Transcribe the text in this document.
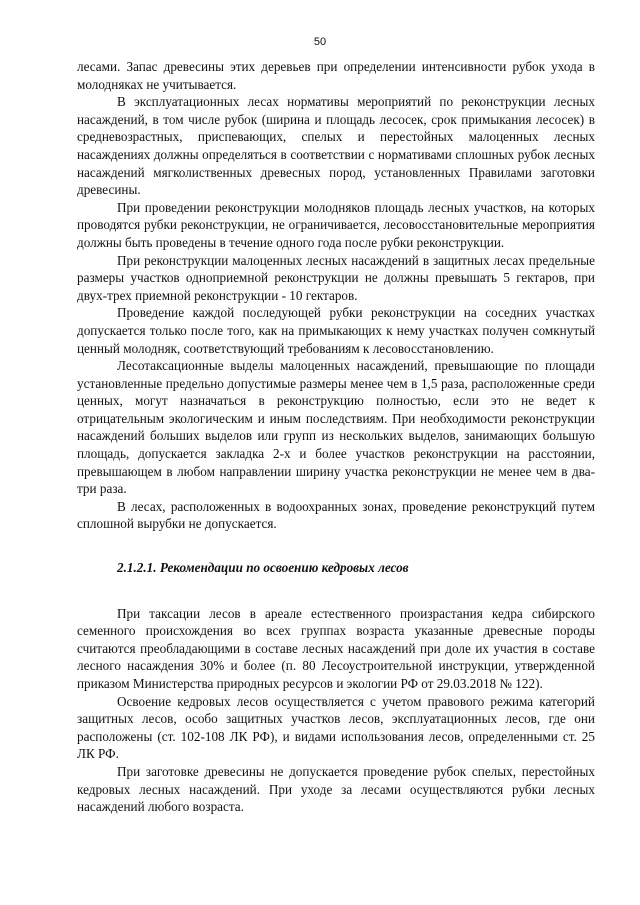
50

лесами. Запас древесины этих деревьев при определении интенсивности рубок ухода в молодняках не учитывается.

В эксплуатационных лесах нормативы мероприятий по реконструкции лесных насаждений, в том числе рубок (ширина и площадь лесосек, срок примыкания лесосек) в средневозрастных, приспевающих, спелых и перестойных малоценных лесных насаждениях должны определяться в соответствии с нормативами сплошных рубок лесных насаждений мягколиственных древесных пород, установленных Правилами заготовки древесины.

При проведении реконструкции молодняков площадь лесных участков, на которых проводятся рубки реконструкции, не ограничивается, лесовосстановительные мероприятия должны быть проведены в течение одного года после рубки реконструкции.

При реконструкции малоценных лесных насаждений в защитных лесах предельные размеры участков одноприемной реконструкции не должны превышать 5 гектаров, при двух-трех приемной реконструкции - 10 гектаров.

Проведение каждой последующей рубки реконструкции на соседних участках допускается только после того, как на примыкающих к нему участках получен сомкнутый ценный молодняк, соответствующий требованиям к лесовосстановлению.

Лесотаксационные выделы малоценных насаждений, превышающие по площади установленные предельно допустимые размеры менее чем в 1,5 раза, расположенные среди ценных, могут назначаться в реконструкцию полностью, если это не ведет к отрицательным экологическим и иным последствиям. При необходимости реконструкции насаждений больших выделов или групп из нескольких выделов, занимающих большую площадь, допускается закладка 2-х и более участков реконструкции на расстоянии, превышающем в любом направлении ширину участка реконструкции не менее чем в два-три раза.

В лесах, расположенных в водоохранных зонах, проведение реконструкций путем сплошной вырубки не допускается.

2.1.2.1. Рекомендации по освоению кедровых лесов

При таксации лесов в ареале естественного произрастания кедра сибирского семенного происхождения во всех группах возраста указанные древесные породы считаются преобладающими в составе лесных насаждений при доле их участия в составе лесного насаждения 30% и более (п. 80 Лесоустроительной инструкции, утвержденной приказом Министерства природных ресурсов и экологии РФ от 29.03.2018 № 122).

Освоение кедровых лесов осуществляется с учетом правового режима категорий защитных лесов, особо защитных участков лесов, эксплуатационных лесов, где они расположены (ст. 102-108 ЛК РФ), и видами использования лесов, определенными ст. 25 ЛК РФ.

При заготовке древесины не допускается проведение рубок спелых, перестойных кедровых лесных насаждений. При уходе за лесами осуществляются рубки лесных насаждений любого возраста.
